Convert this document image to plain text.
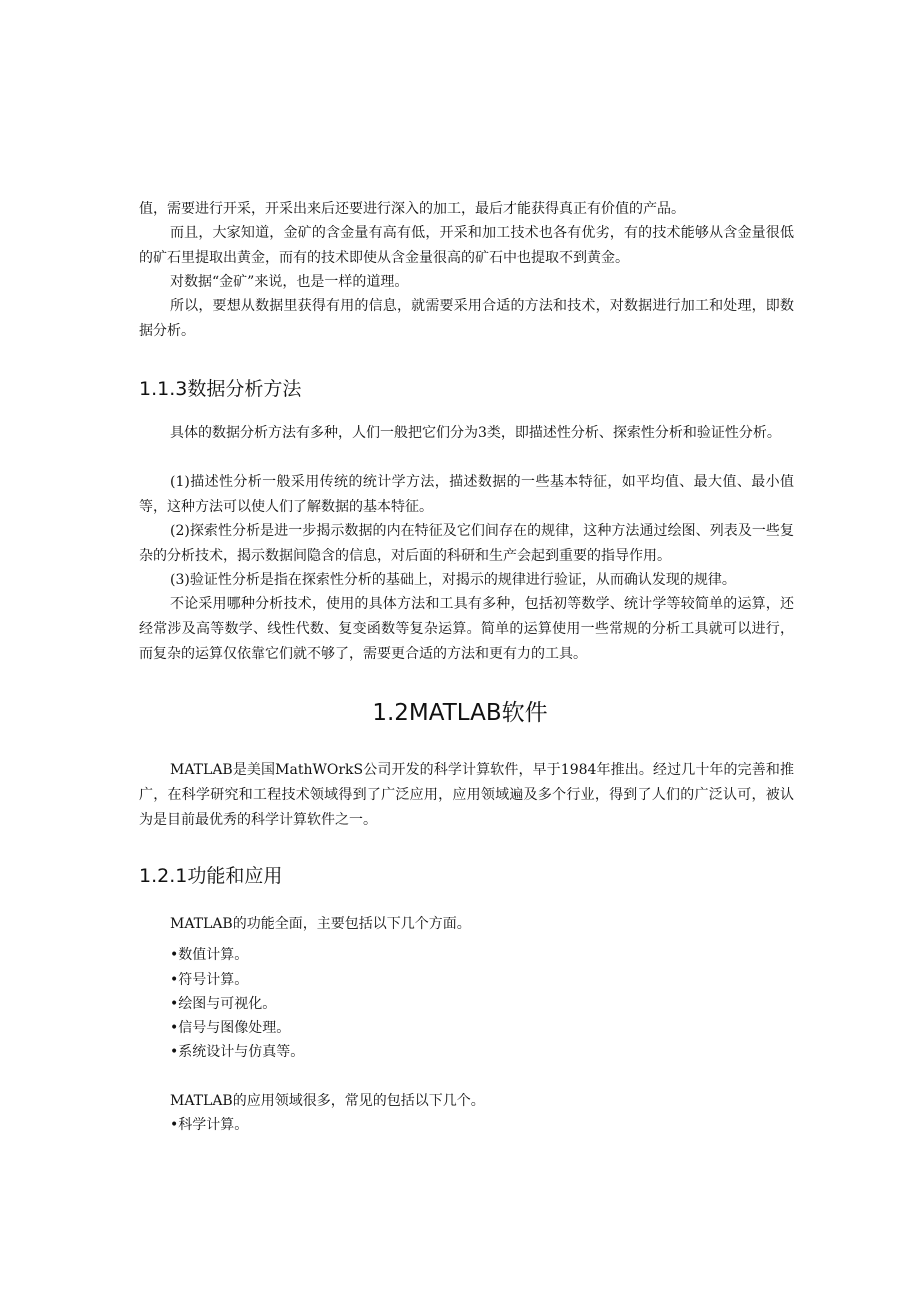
值，需要进行开采，开采出来后还要进行深入的加工，最后才能获得真正有价值的产品。

而且，大家知道，金矿的含金量有高有低，开采和加工技术也各有优劣，有的技术能够从含金量很低的矿石里提取出黄金，而有的技术即使从含金量很高的矿石中也提取不到黄金。

对数据“金矿”来说，也是一样的道理。

所以，要想从数据里获得有用的信息，就需要采用合适的方法和技术，对数据进行加工和处理，即数据分析。

1.1.3数据分析方法

具体的数据分析方法有多种，人们一般把它们分为3类，即描述性分析、探索性分析和验证性分析。

(1)描述性分析一般采用传统的统计学方法，描述数据的一些基本特征，如平均值、最大值、最小值等，这种方法可以使人们了解数据的基本特征。

(2)探索性分析是进一步揭示数据的内在特征及它们间存在的规律，这种方法通过绘图、列表及一些复杂的分析技术，揭示数据间隐含的信息，对后面的科研和生产会起到重要的指导作用。

(3)验证性分析是指在探索性分析的基础上，对揭示的规律进行验证，从而确认发现的规律。

不论采用哪种分析技术，使用的具体方法和工具有多种，包括初等数学、统计学等较简单的运算，还经常涉及高等数学、线性代数、复变函数等复杂运算。简单的运算使用一些常规的分析工具就可以进行，而复杂的运算仅依靠它们就不够了，需要更合适的方法和更有力的工具。

1.2MATLAB软件

MATLAB是美国MathWOrkS公司开发的科学计算软件，早于1984年推出。经过几十年的完善和推广，在科学研究和工程技术领域得到了广泛应用，应用领域遍及多个行业，得到了人们的广泛认可，被认为是目前最优秀的科学计算软件之一。

1.2.1功能和应用

MATLAB的功能全面，主要包括以下几个方面。

•数值计算。

•符号计算。

•绘图与可视化。

•信号与图像处理。

•系统设计与仿真等。

MATLAB的应用领域很多，常见的包括以下几个。

•科学计算。
